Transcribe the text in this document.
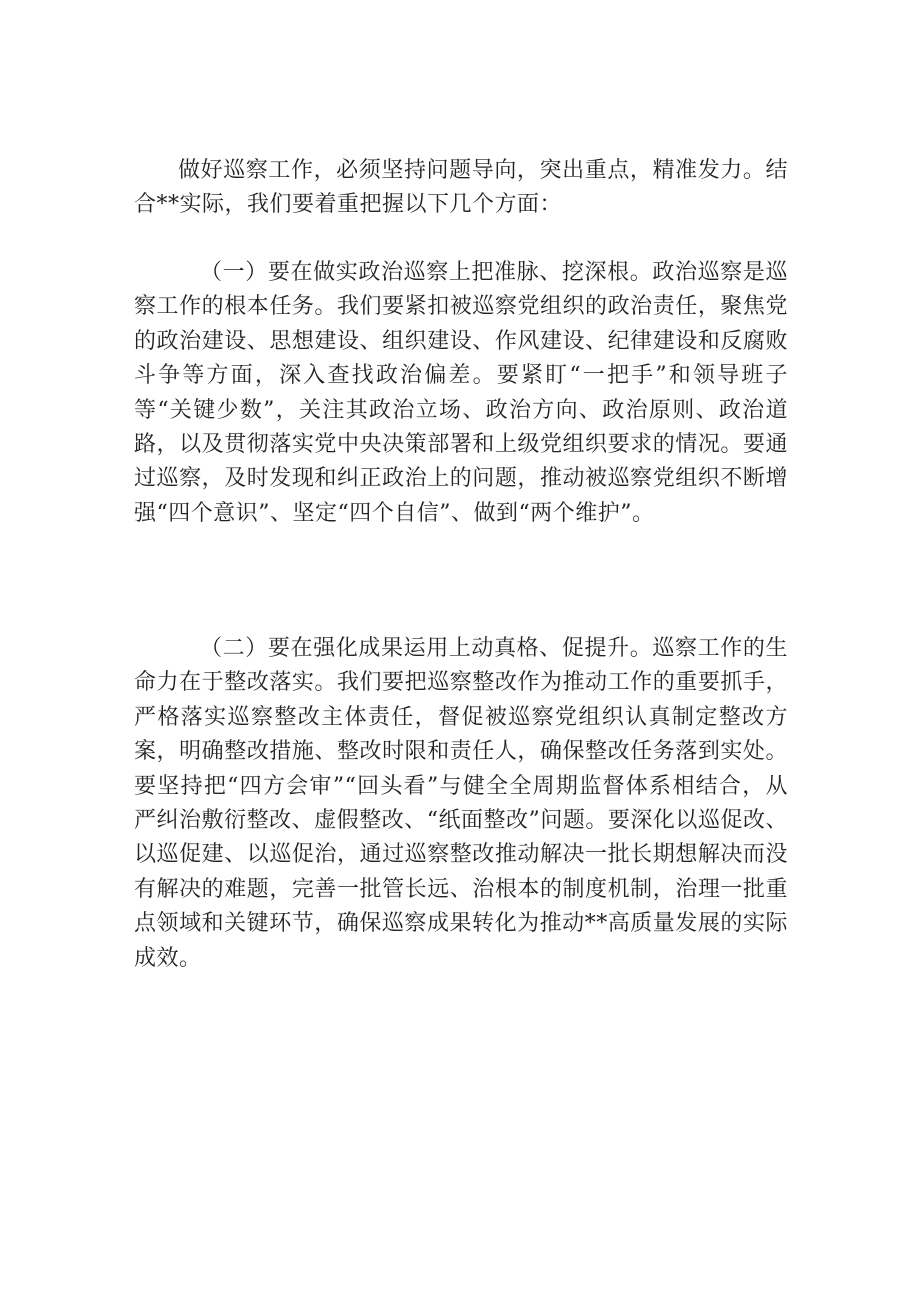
做好巡察工作，必须坚持问题导向，突出重点，精准发力。结合**实际，我们要着重把握以下几个方面：

（一）要在做实政治巡察上把准脉、挖深根。政治巡察是巡察工作的根本任务。我们要紧扣被巡察党组织的政治责任，聚焦党的政治建设、思想建设、组织建设、作风建设、纪律建设和反腐败斗争等方面，深入查找政治偏差。要紧盯“一把手”和领导班子等“关键少数”，关注其政治立场、政治方向、政治原则、政治道路，以及贯彻落实党中央决策部署和上级党组织要求的情况。要通过巡察，及时发现和纠正政治上的问题，推动被巡察党组织不断增强“四个意识”、坚定“四个自信”、做到“两个维护”。

（二）要在强化成果运用上动真格、促提升。巡察工作的生命力在于整改落实。我们要把巡察整改作为推动工作的重要抓手，严格落实巡察整改主体责任，督促被巡察党组织认真制定整改方案，明确整改措施、整改时限和责任人，确保整改任务落到实处。要坚持把“四方会审”“回头看”与健全全周期监督体系相结合，从严纠治敷衍整改、虚假整改、“纸面整改”问题。要深化以巡促改、以巡促建、以巡促治，通过巡察整改推动解决一批长期想解决而没有解决的难题，完善一批管长远、治根本的制度机制，治理一批重点领域和关键环节，确保巡察成果转化为推动**高质量发展的实际成效。
